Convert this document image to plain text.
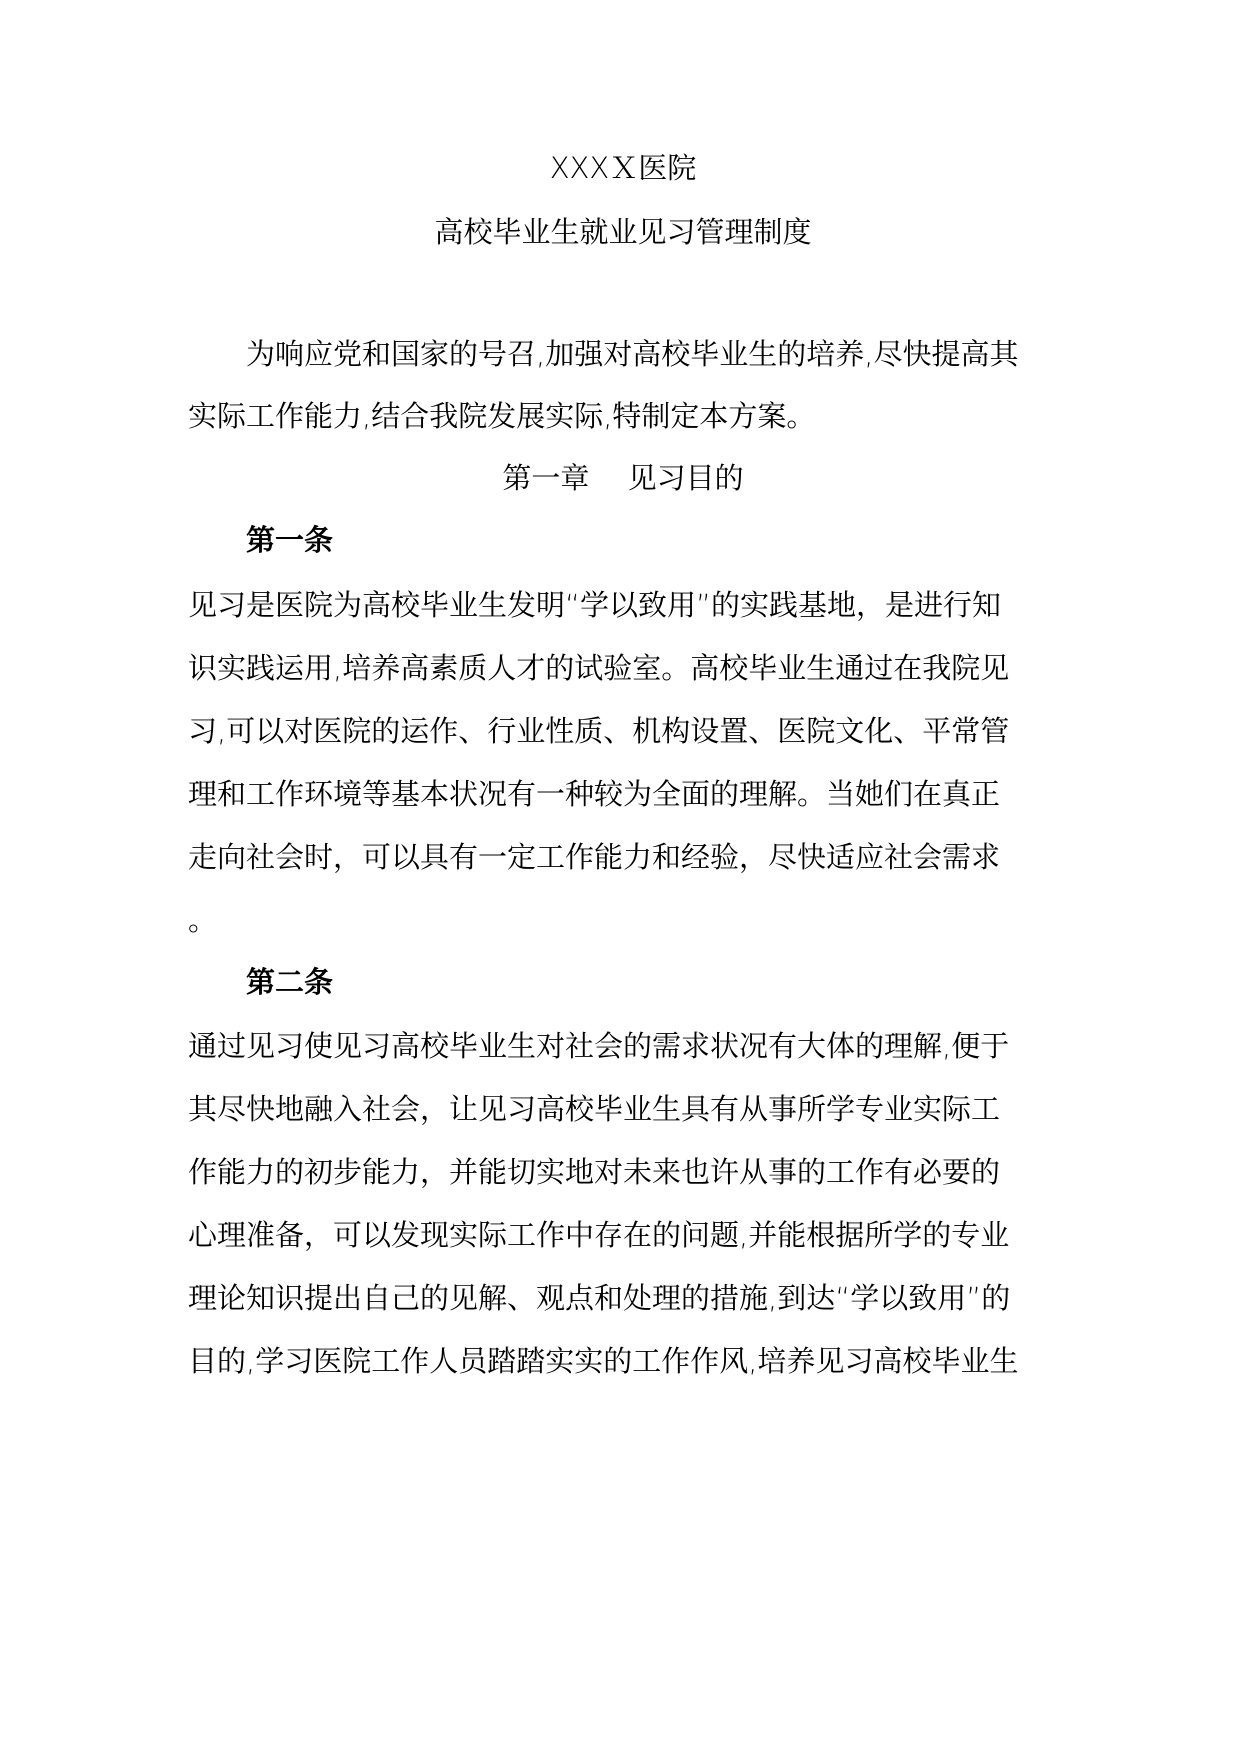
XXXＸ医院
高校毕业生就业见习管理制度
为响应党和国家的号召,加强对高校毕业生的培养,尽快提高其
实际工作能力,结合我院发展实际,特制定本方案。
第一章　 见习目的
第一条
见习是医院为高校毕业生发明“学以致用”的实践基地，是进行知
识实践运用,培养高素质人才的试验室。高校毕业生通过在我院见
习,可以对医院的运作、行业性质、机构设置、医院文化、平常管
理和工作环境等基本状况有一种较为全面的理解。当她们在真正
走向社会时，可以具有一定工作能力和经验，尽快适应社会需求
。
第二条
通过见习使见习高校毕业生对社会的需求状况有大体的理解,便于
其尽快地融入社会，让见习高校毕业生具有从事所学专业实际工
作能力的初步能力，并能切实地对未来也许从事的工作有必要的
心理准备，可以发现实际工作中存在的问题,并能根据所学的专业
理论知识提出自己的见解、观点和处理的措施,到达“学以致用”的
目的,学习医院工作人员踏踏实实的工作作风,培养见习高校毕业生
